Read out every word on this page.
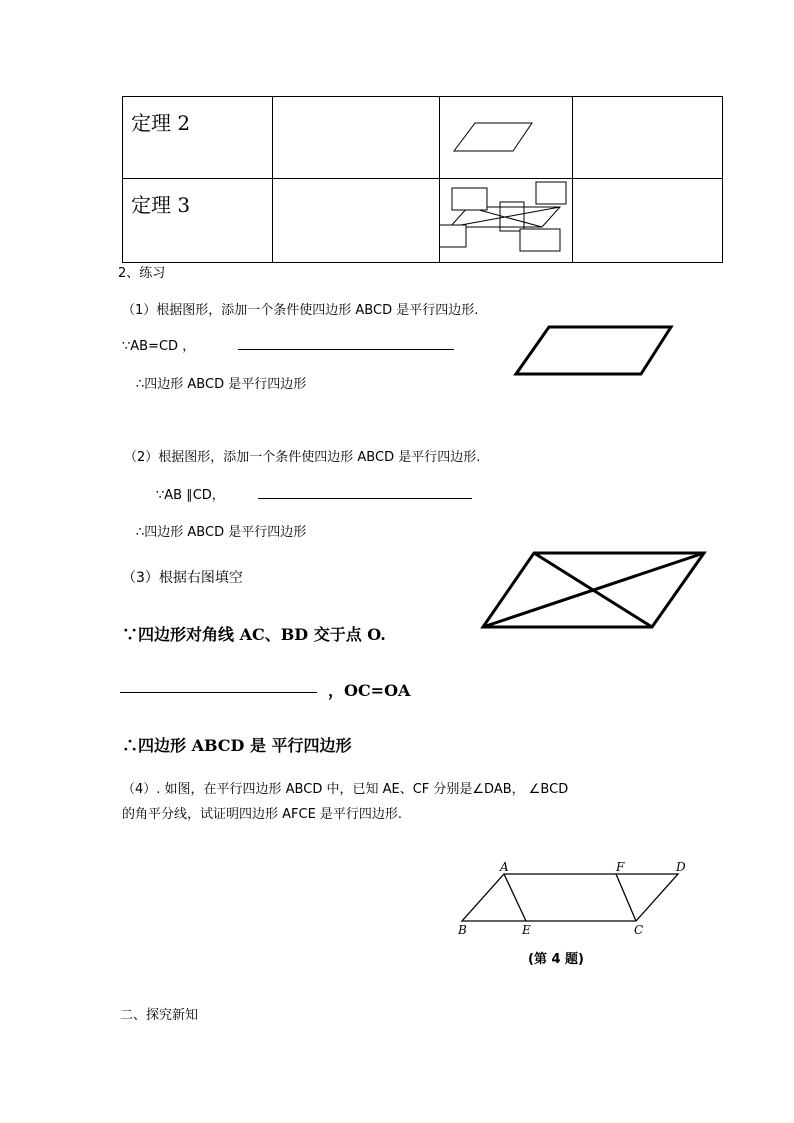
定理 2			
定理 3			
2、练习
（1）根据图形，添加一个条件使四边形 ABCD 是平行四边形.
∵AB=CD ，
∴四边形 ABCD 是平行四边形
（2）根据图形，添加一个条件使四边形 ABCD 是平行四边形.
∵AB ∥CD，
∴四边形 ABCD 是平行四边形
（3）根据右图填空
∵四边形对角线 AC、BD 交于点 O.
，OC=OA
∴四边形 ABCD 是 平行四边形
（4）. 如图，在平行四边形 ABCD 中，已知 AE、CF 分别是∠DAB， ∠BCD
的角平分线，试证明四边形 AFCE 是平行四边形.
A	F	D
B	E	C
(第 4 题)
二、探究新知
